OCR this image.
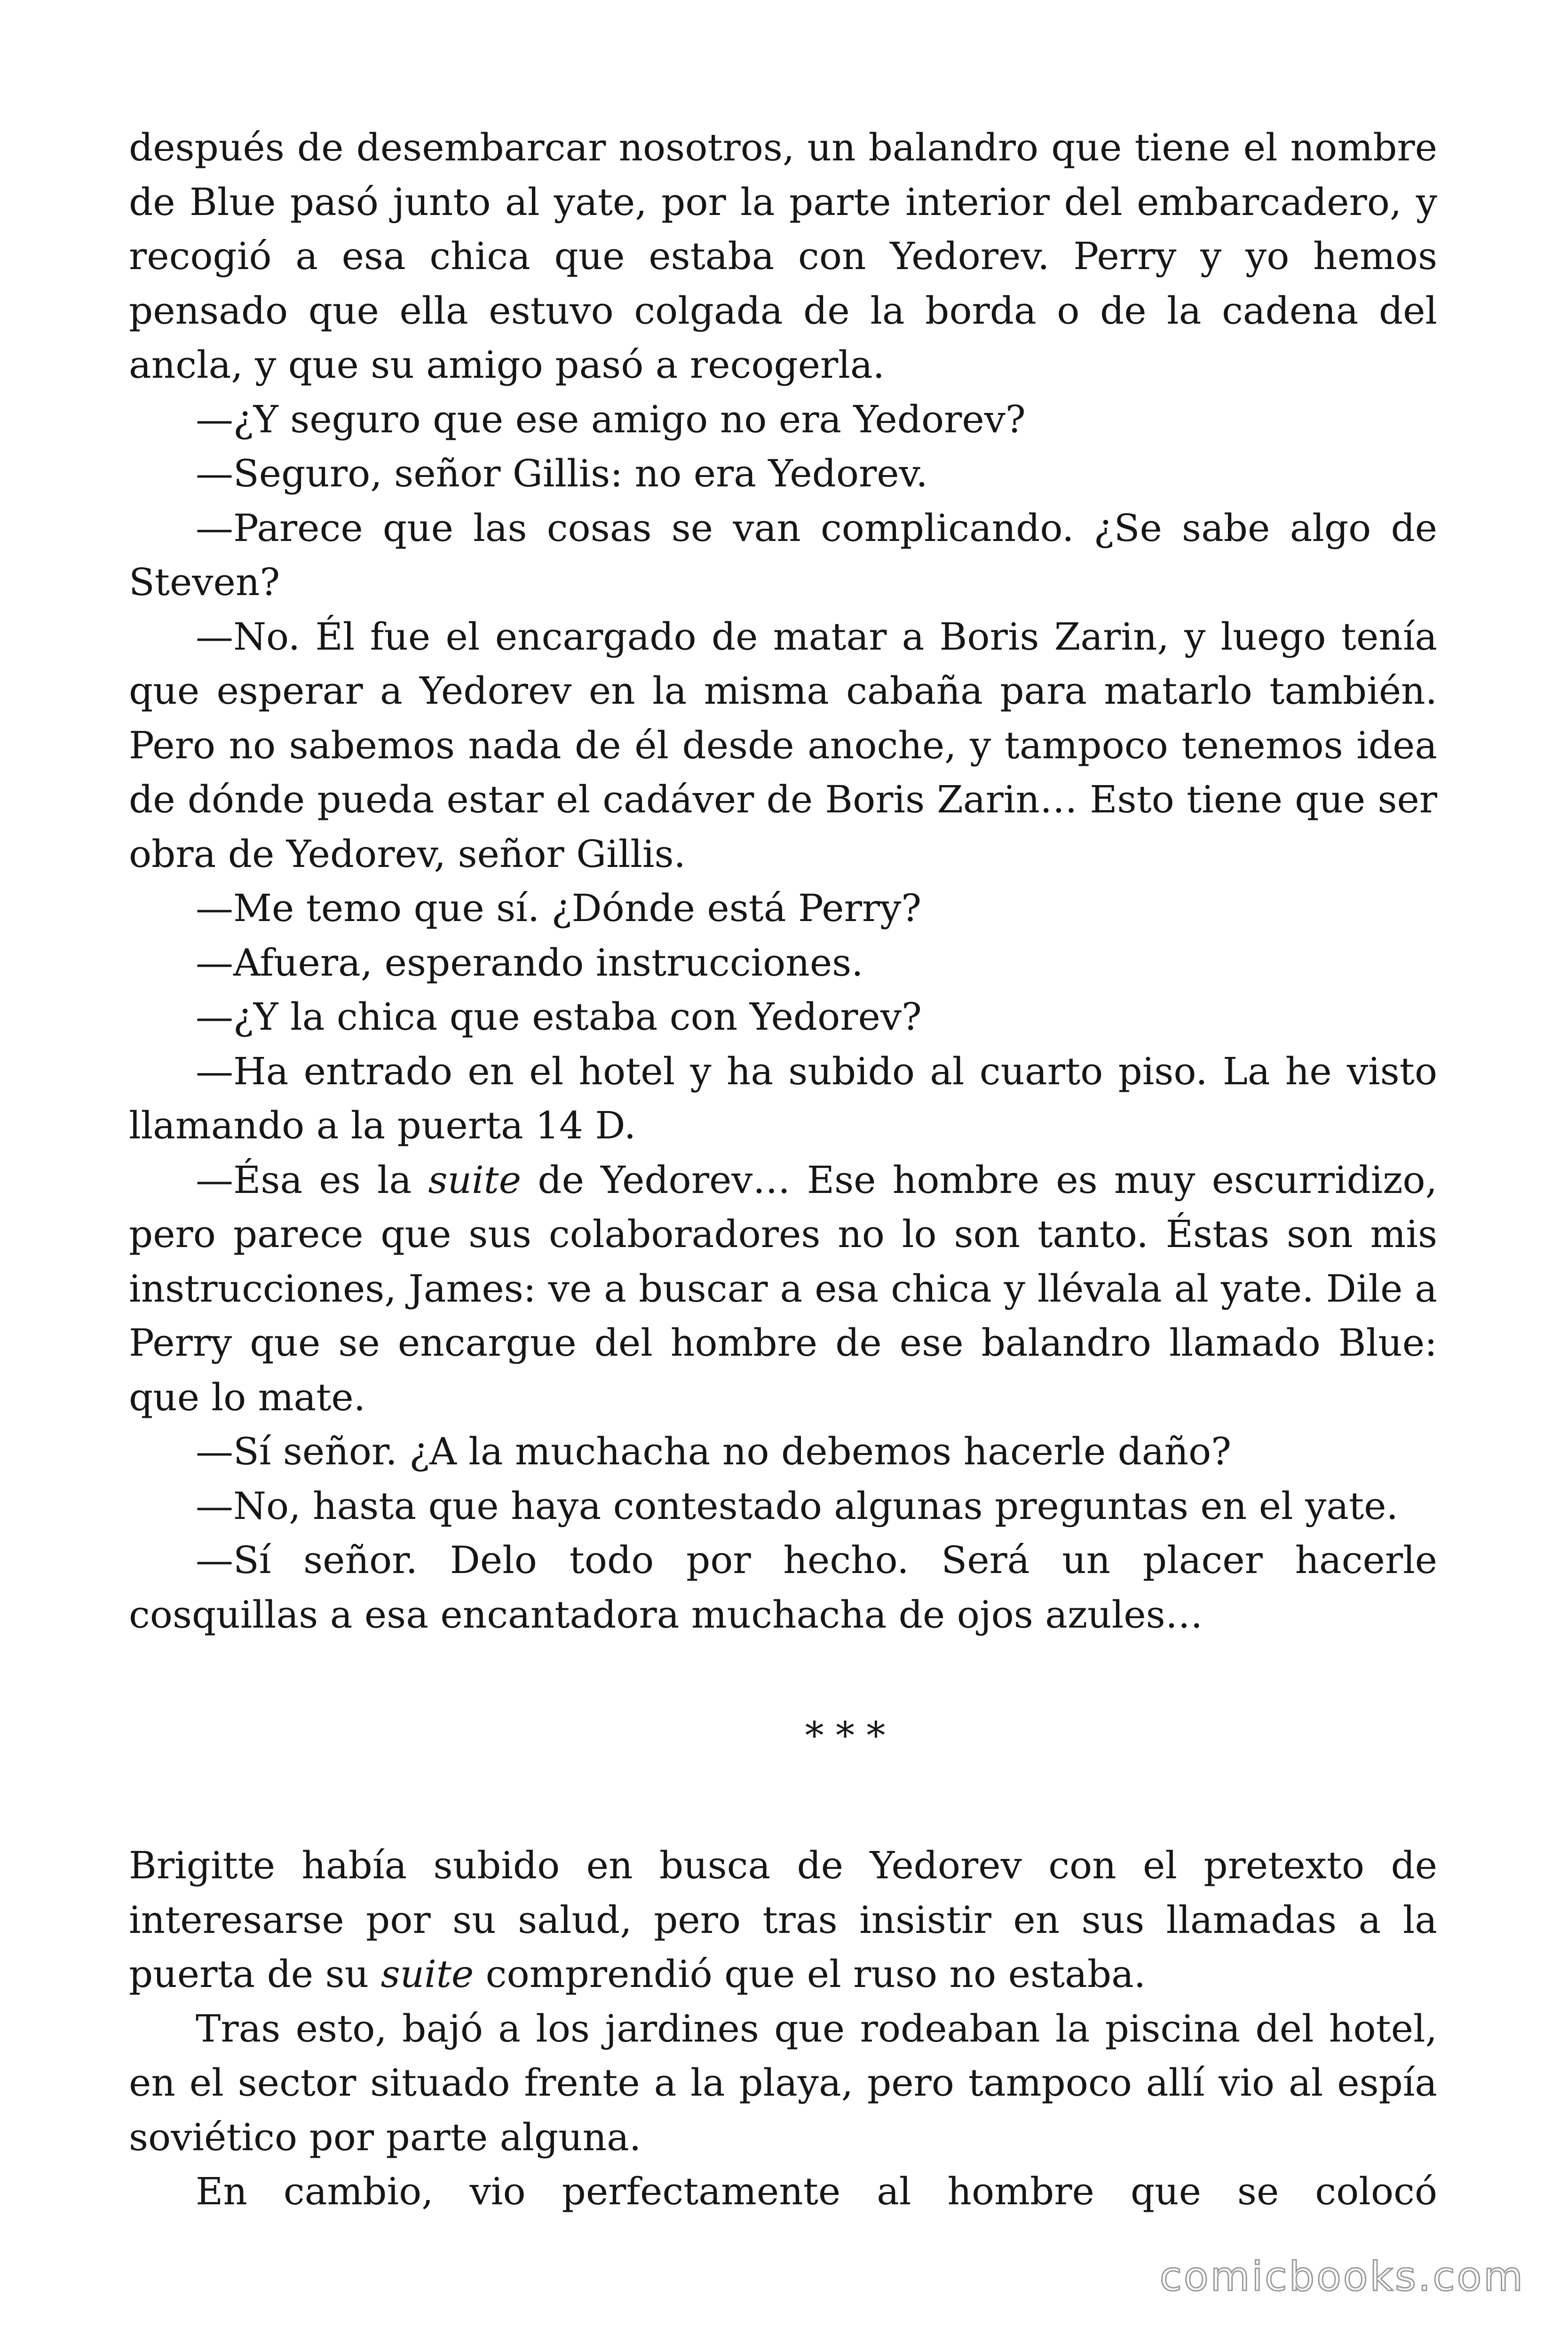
después de desembarcar nosotros, un balandro que tiene el nombre de Blue pasó junto al yate, por la parte interior del embarcadero, y recogió a esa chica que estaba con Yedorev. Perry y yo hemos pensado que ella estuvo colgada de la borda o de la cadena del ancla, y que su amigo pasó a recogerla.

—¿Y seguro que ese amigo no era Yedorev?

—Seguro, señor Gillis: no era Yedorev.

—Parece que las cosas se van complicando. ¿Se sabe algo de Steven?

—No. Él fue el encargado de matar a Boris Zarin, y luego tenía que esperar a Yedorev en la misma cabaña para matarlo también. Pero no sabemos nada de él desde anoche, y tampoco tenemos idea de dónde pueda estar el cadáver de Boris Zarin… Esto tiene que ser obra de Yedorev, señor Gillis.

—Me temo que sí. ¿Dónde está Perry?

—Afuera, esperando instrucciones.

—¿Y la chica que estaba con Yedorev?

—Ha entrado en el hotel y ha subido al cuarto piso. La he visto llamando a la puerta 14 D.

—Ésa es la suite de Yedorev… Ese hombre es muy escurridizo, pero parece que sus colaboradores no lo son tanto. Éstas son mis instrucciones, James: ve a buscar a esa chica y llévala al yate. Dile a Perry que se encargue del hombre de ese balandro llamado Blue: que lo mate.

—Sí señor. ¿A la muchacha no debemos hacerle daño?

—No, hasta que haya contestado algunas preguntas en el yate.

—Sí señor. Delo todo por hecho. Será un placer hacerle cosquillas a esa encantadora muchacha de ojos azules…

* * *

Brigitte había subido en busca de Yedorev con el pretexto de interesarse por su salud, pero tras insistir en sus llamadas a la puerta de su suite comprendió que el ruso no estaba.

Tras esto, bajó a los jardines que rodeaban la piscina del hotel, en el sector situado frente a la playa, pero tampoco allí vio al espía soviético por parte alguna.

En cambio, vio perfectamente al hombre que se colocó

comicbooks.com
